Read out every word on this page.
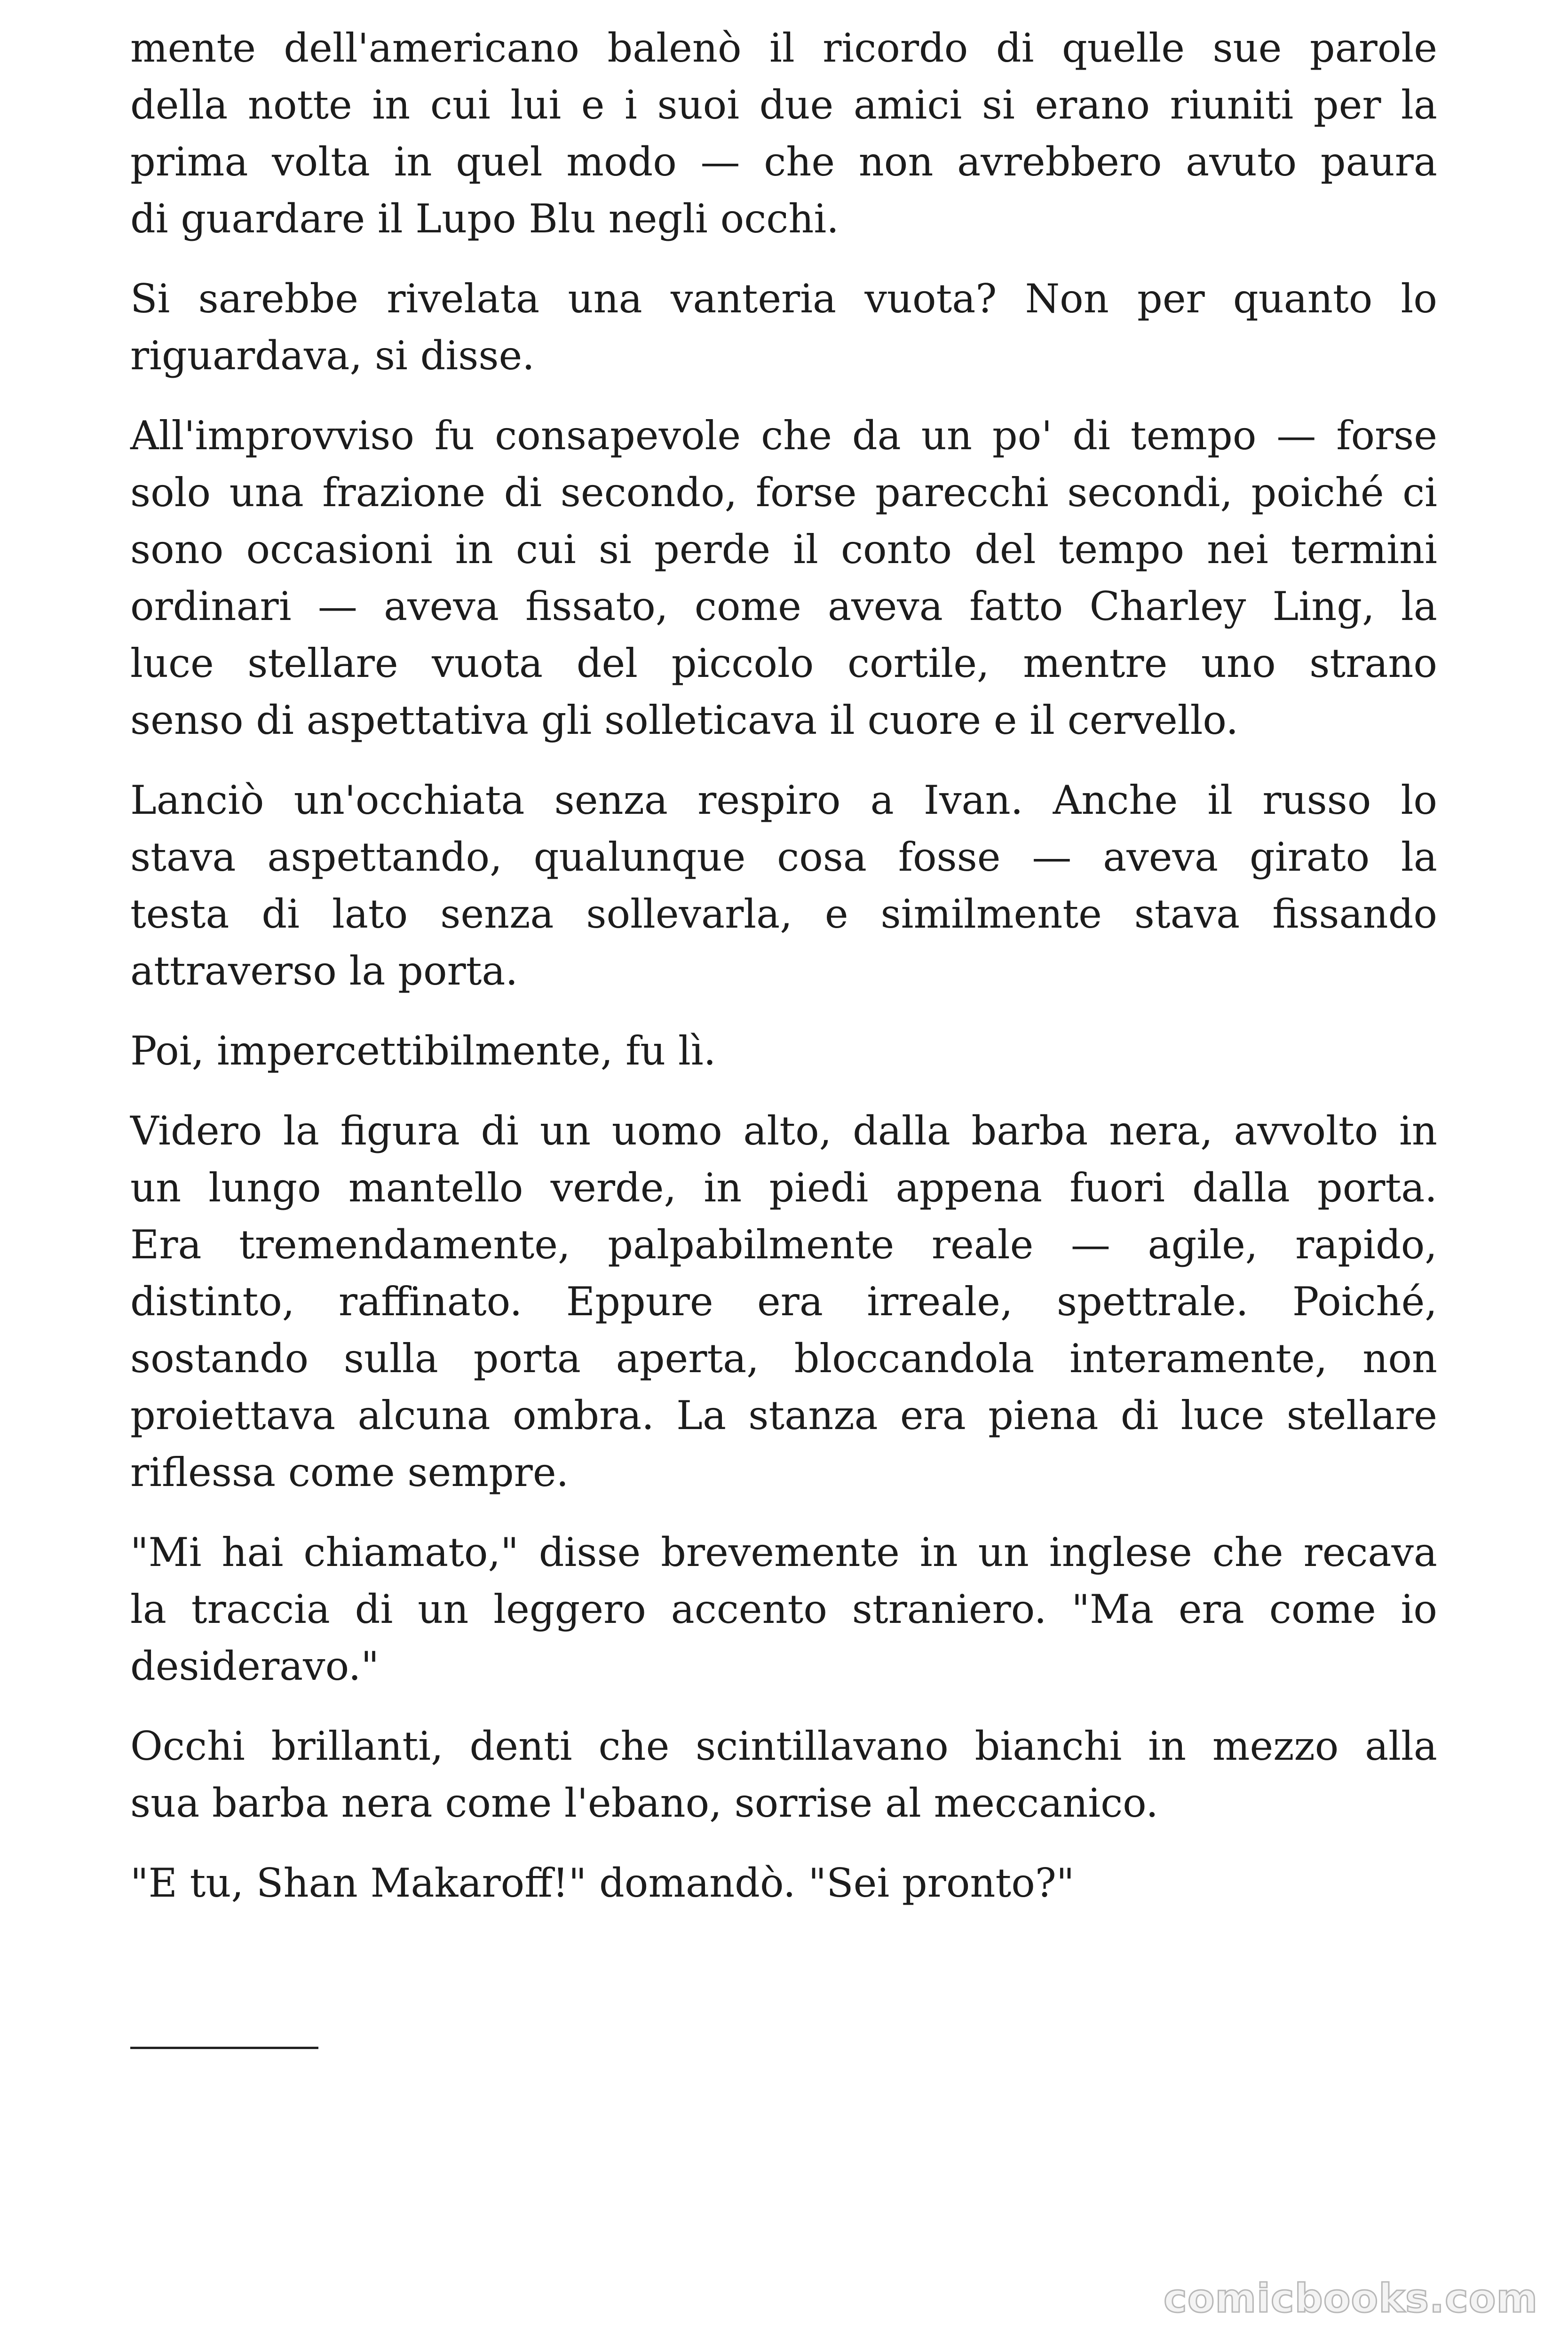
mente dell'americano balenò il ricordo di quelle sue parole
della notte in cui lui e i suoi due amici si erano riuniti per la
prima volta in quel modo — che non avrebbero avuto paura
di guardare il Lupo Blu negli occhi.
Si sarebbe rivelata una vanteria vuota? Non per quanto lo
riguardava, si disse.
All'improvviso fu consapevole che da un po' di tempo — forse
solo una frazione di secondo, forse parecchi secondi, poiché ci
sono occasioni in cui si perde il conto del tempo nei termini
ordinari — aveva fissato, come aveva fatto Charley Ling, la
luce stellare vuota del piccolo cortile, mentre uno strano
senso di aspettativa gli solleticava il cuore e il cervello.
Lanciò un'occhiata senza respiro a Ivan. Anche il russo lo
stava aspettando, qualunque cosa fosse — aveva girato la
testa di lato senza sollevarla, e similmente stava fissando
attraverso la porta.
Poi, impercettibilmente, fu lì.
Videro la figura di un uomo alto, dalla barba nera, avvolto in
un lungo mantello verde, in piedi appena fuori dalla porta.
Era tremendamente, palpabilmente reale — agile, rapido,
distinto, raffinato. Eppure era irreale, spettrale. Poiché,
sostando sulla porta aperta, bloccandola interamente, non
proiettava alcuna ombra. La stanza era piena di luce stellare
riflessa come sempre.
"Mi hai chiamato," disse brevemente in un inglese che recava
la traccia di un leggero accento straniero. "Ma era come io
desideravo."
Occhi brillanti, denti che scintillavano bianchi in mezzo alla
sua barba nera come l'ebano, sorrise al meccanico.
"E tu, Shan Makaroff!" domandò. "Sei pronto?"
comicbooks.com
